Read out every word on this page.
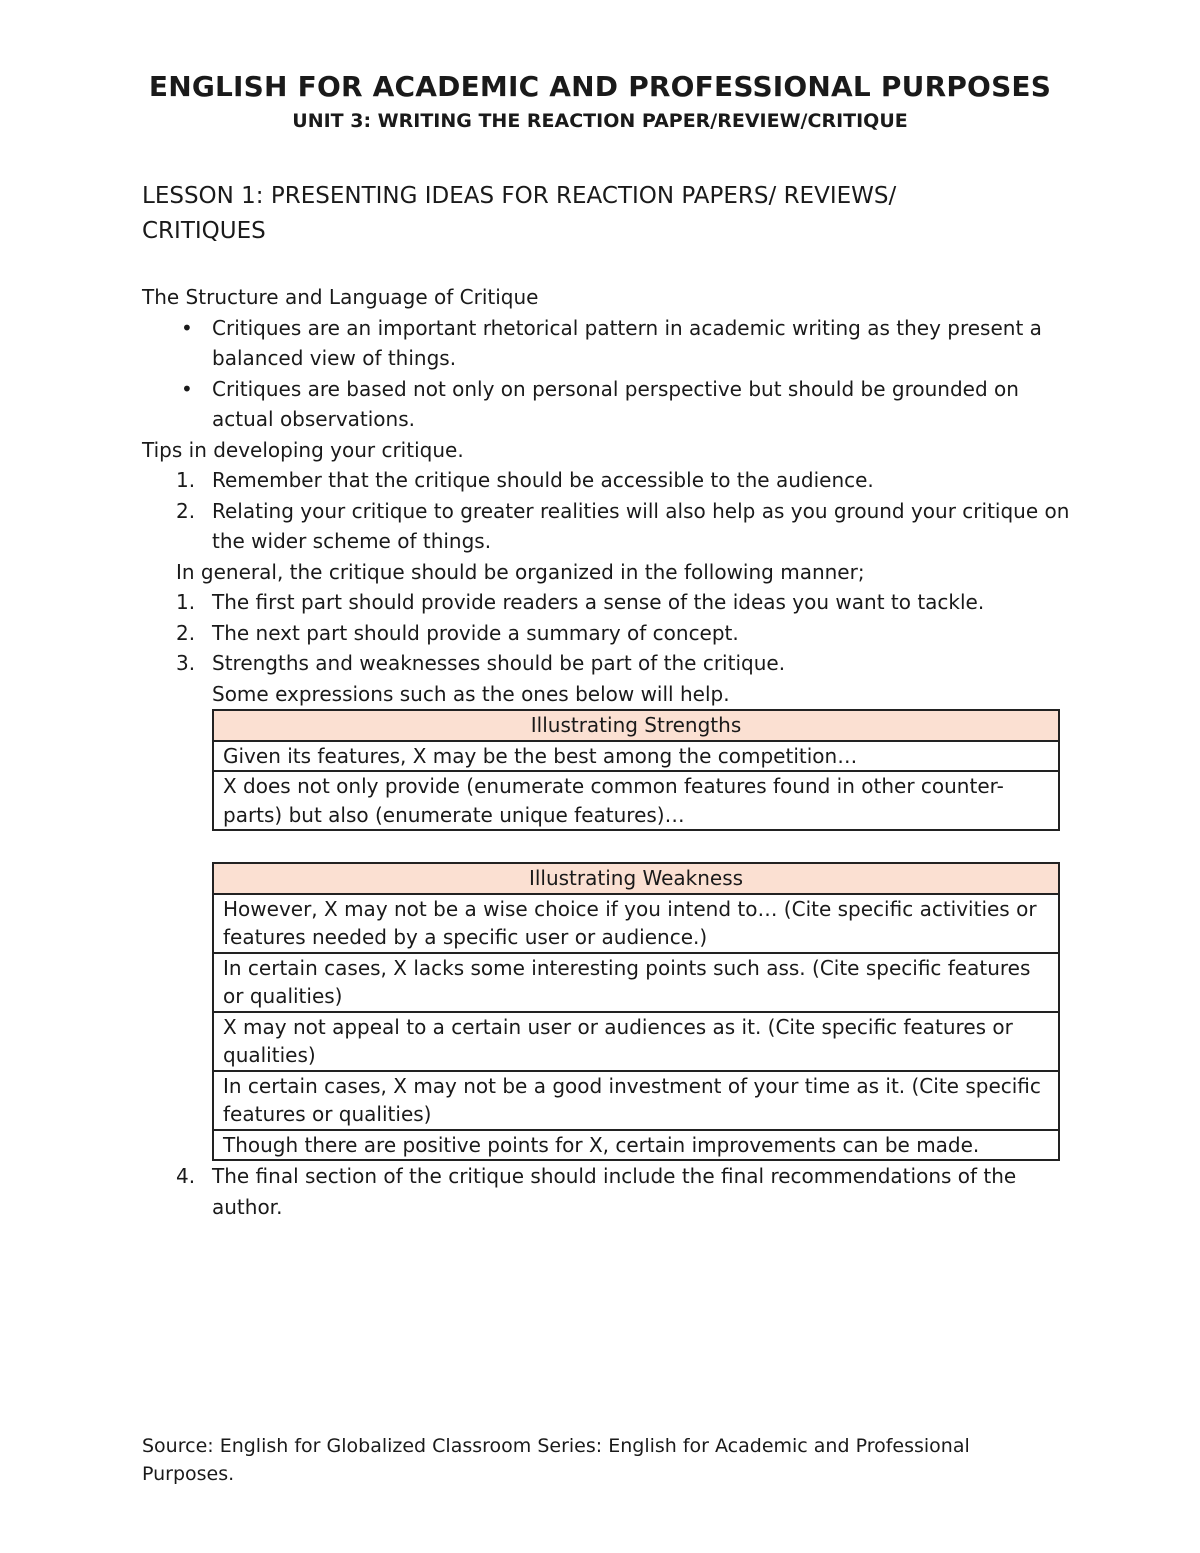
ENGLISH FOR ACADEMIC AND PROFESSIONAL PURPOSES
UNIT 3: WRITING THE REACTION PAPER/REVIEW/CRITIQUE
LESSON 1: PRESENTING IDEAS FOR REACTION PAPERS/ REVIEWS/
CRITIQUES

The Structure and Language of Critique

• Critiques are an important rhetorical pattern in academic writing as they present a balanced view of things.
• Critiques are based not only on personal perspective but should be grounded on actual observations.

Tips in developing your critique.

1. Remember that the critique should be accessible to the audience.
2. Relating your critique to greater realities will also help as you ground your critique on the wider scheme of things.

In general, the critique should be organized in the following manner;

1. The first part should provide readers a sense of the ideas you want to tackle.
2. The next part should provide a summary of concept.
3. Strengths and weaknesses should be part of the critique.

Some expressions such as the ones below will help.

Illustrating Strengths
Given its features, X may be the best among the competition…
X does not only provide (enumerate common features found in other counter-parts) but also (enumerate unique features)…
Illustrating Weakness
However, X may not be a wise choice if you intend to… (Cite specific activities or features needed by a specific user or audience.)
In certain cases, X lacks some interesting points such ass. (Cite specific features or qualities)
X may not appeal to a certain user or audiences as it. (Cite specific features or qualities)
In certain cases, X may not be a good investment of your time as it. (Cite specific features or qualities)
Though there are positive points for X, certain improvements can be made.
4. The final section of the critique should include the final recommendations of the author.

Source: English for Globalized Classroom Series: English for Academic and Professional Purposes.
